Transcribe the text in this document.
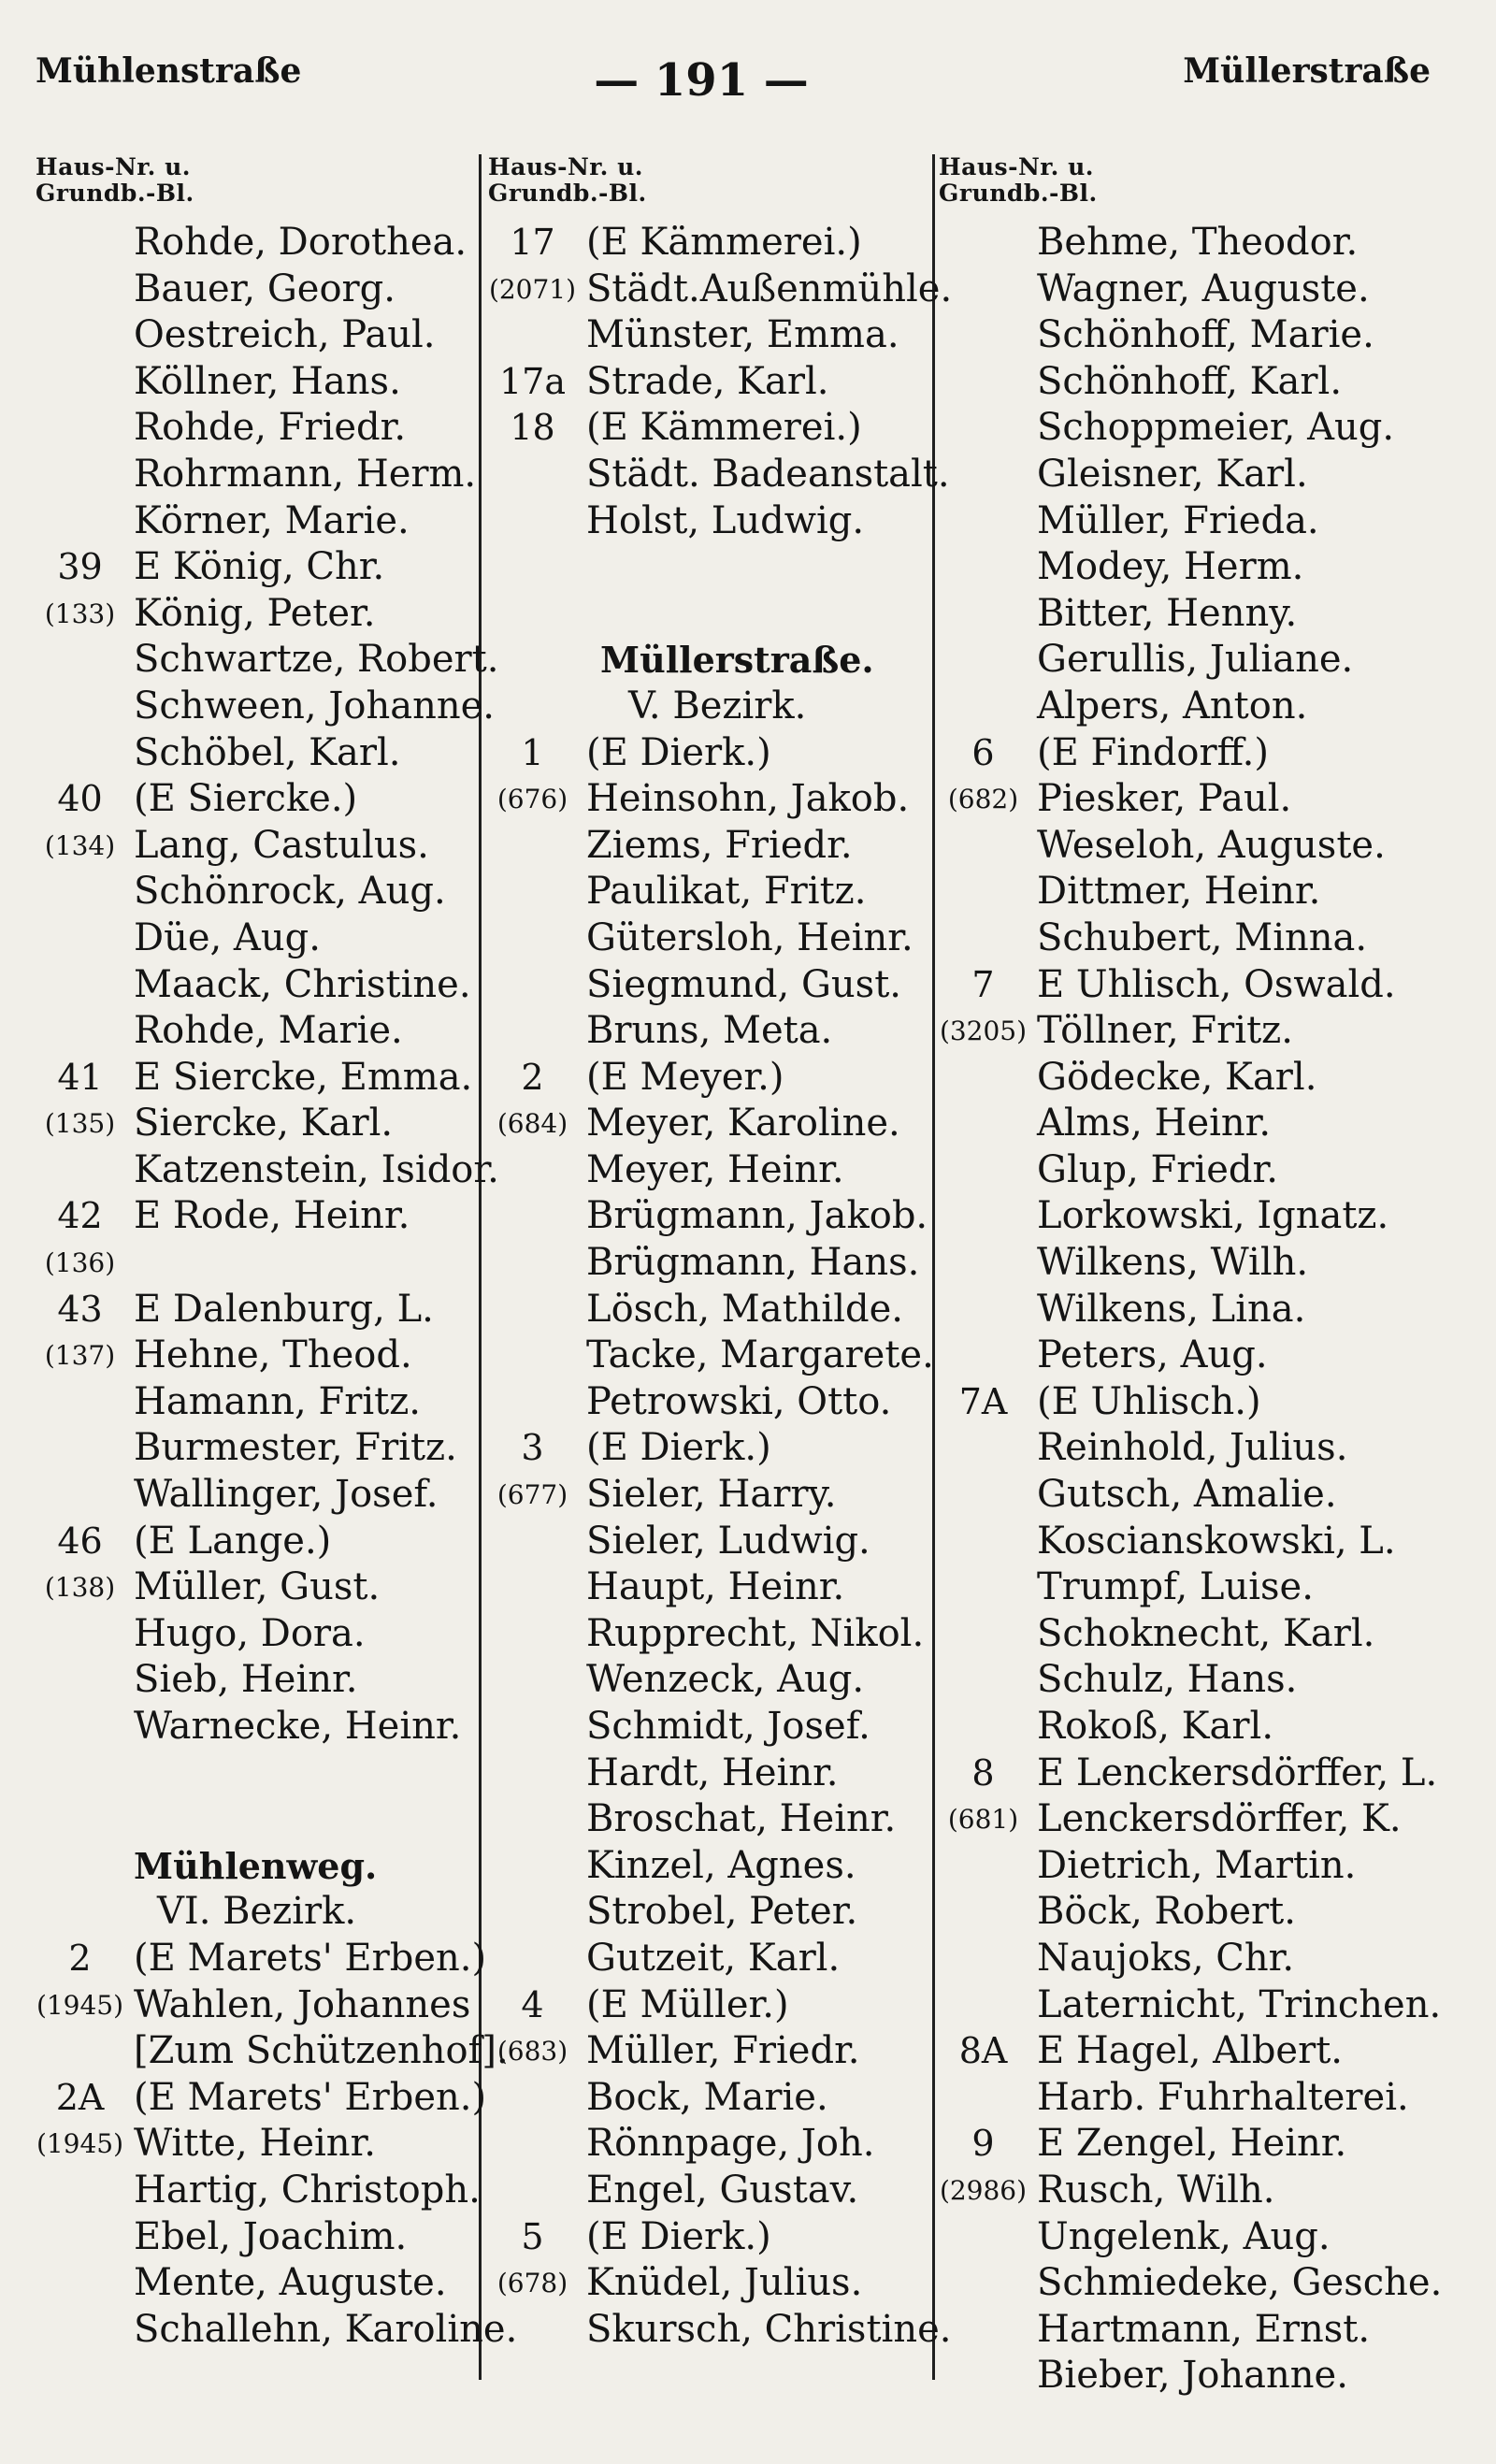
Mühlenstraße	— 191 —	Müllerstraße
Haus-Nr. u.
Grundb.-Bl.
Rohde, Dorothea.
Bauer, Georg.
Oestreich, Paul.
Köllner, Hans.
Rohde, Friedr.
Rohrmann, Herm.
Körner, Marie.
39 E König, Chr.
(133) König, Peter.
Schwartze, Robert.
Schween, Johanne.
Schöbel, Karl.
40 (E Siercke.)
(134) Lang, Castulus.
Schönrock, Aug.
Düe, Aug.
Maack, Christine.
Rohde, Marie.
41 E Siercke, Emma.
(135) Siercke, Karl.
Katzenstein, Isidor.
42 E Rode, Heinr.
(136)
43 E Dalenburg, L.
(137) Hehne, Theod.
Hamann, Fritz.
Burmester, Fritz.
Wallinger, Josef.
46 (E Lange.)
(138) Müller, Gust.
Hugo, Dora.
Sieb, Heinr.
Warnecke, Heinr.
Mühlenweg.
VI. Bezirk.
2	(E Marets' Erben.)
(1945) Wahlen, Johannes
[Zum Schützenhof].
2A (E Marets' Erben.)
(1945) Witte, Heinr.
Hartig, Christoph.
Ebel, Joachim.
Mente, Auguste.
Schallehn, Karoline.
Haus-Nr. u.
Grundb.-Bl.
17 (E Kämmerei.)
(2071) Städt.Außenmühle.
Münster, Emma.
17a Strade, Karl.
18 (E Kämmerei.)
Städt. Badeanstalt.
Holst, Ludwig.
Müllerstraße.
V. Bezirk.
1	(E Dierk.)
(676) Heinsohn, Jakob.
Ziems, Friedr.
Paulikat, Fritz.
Gütersloh, Heinr.
Siegmund, Gust.
Bruns, Meta.
2	(E Meyer.)
(684) Meyer, Karoline.
Meyer, Heinr.
Brügmann, Jakob.
Brügmann, Hans.
Lösch, Mathilde.
Tacke, Margarete.
Petrowski, Otto.
3	(E Dierk.)
(677) Sieler, Harry.
Sieler, Ludwig.
Haupt, Heinr.
Rupprecht, Nikol.
Wenzeck, Aug.
Schmidt, Josef.
Hardt, Heinr.
Broschat, Heinr.
Kinzel, Agnes.
Strobel, Peter.
Gutzeit, Karl.
4	(E Müller.)
(683) Müller, Friedr.
Bock, Marie.
Rönnpage, Joh.
Engel, Gustav.
5	(E Dierk.)
(678) Knüdel, Julius.
Skursch, Christine.
Haus-Nr. u.
Grundb.-Bl.
Behme, Theodor.
Wagner, Auguste.
Schönhoff, Marie.
Schönhoff, Karl.
Schoppmeier, Aug.
Gleisner, Karl.
Müller, Frieda.
Modey, Herm.
Bitter, Henny.
Gerullis, Juliane.
Alpers, Anton.
6	(E Findorff.)
(682) Piesker, Paul.
Weseloh, Auguste.
Dittmer, Heinr.
Schubert, Minna.
7	E Uhlisch, Oswald.
(3205) Töllner, Fritz.
Gödecke, Karl.
Alms, Heinr.
Glup, Friedr.
Lorkowski, Ignatz.
Wilkens, Wilh.
Wilkens, Lina.
Peters, Aug.
7A (E Uhlisch.)
Reinhold, Julius.
Gutsch, Amalie.
Koscianskowski, L.
Trumpf, Luise.
Schoknecht, Karl.
Schulz, Hans.
Rokoß, Karl.
8	E Lenckersdörffer, L.
(681) Lenckersdörffer, K.
Dietrich, Martin.
Böck, Robert.
Naujoks, Chr.
Laternicht, Trinchen.
8A E Hagel, Albert.
Harb. Fuhrhalterei.
9	E Zengel, Heinr.
(2986) Rusch, Wilh.
Ungelenk, Aug.
Schmiedeke, Gesche.
Hartmann, Ernst.
Bieber, Johanne.
